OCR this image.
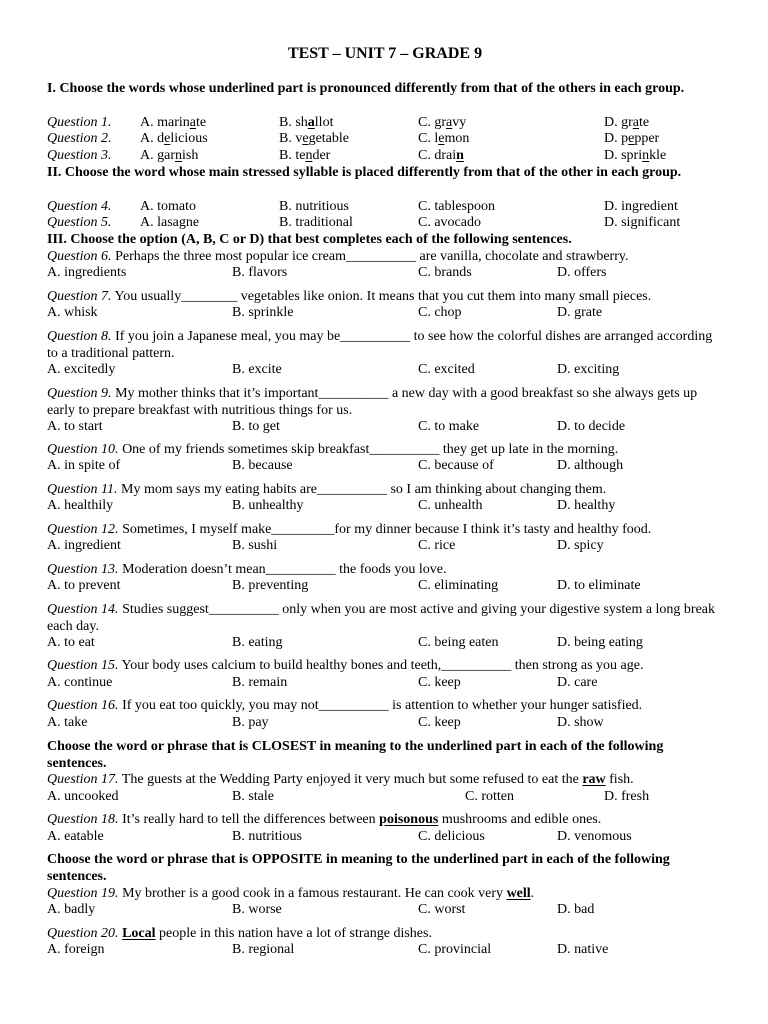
TEST – UNIT 7 – GRADE 9
I. Choose the words whose underlined part is pronounced differently from that of the others in each group.
Question 1. A. marinate	B. shallot	C. gravy	D. grate
Question 2. A. delicious	B. vegetable	C. lemon	D. pepper
Question 3. A. garnish	B. tender	C. drain	D. sprinkle
II. Choose the word whose main stressed syllable is placed differently from that of the other in each group.
Question 4. A. tomato	B. nutritious	C. tablespoon	D. ingredient
Question 5. A. lasagne	B. traditional	C. avocado	D. significant
III. Choose the option (A, B, C or D) that best completes each of the following sentences.
Question 6. Perhaps the three most popular ice cream__________ are vanilla, chocolate and strawberry.
A. ingredients	B. flavors	C. brands	D. offers
Question 7. You usually________ vegetables like onion. It means that you cut them into many small pieces.
A. whisk	B. sprinkle	C. chop	D. grate
Question 8. If you join a Japanese meal, you may be__________ to see how the colorful dishes are arranged according to a traditional pattern.
A. excitedly	B. excite	C. excited	D. exciting
Question 9. My mother thinks that it’s important__________ a new day with a good breakfast so she always gets up early to prepare breakfast with nutritious things for us.
A. to start	B. to get	C. to make	D. to decide
Question 10. One of my friends sometimes skip breakfast__________ they get up late in the morning.
A. in spite of	B. because	C. because of	D. although
Question 11. My mom says my eating habits are__________ so I am thinking about changing them.
A. healthily	B. unhealthy	C. unhealth	D. healthy
Question 12. Sometimes, I myself make_________for my dinner because I think it’s tasty and healthy food.
A. ingredient	B. sushi	C. rice	D. spicy
Question 13. Moderation doesn’t mean__________ the foods you love.
A. to prevent	B. preventing	C. eliminating	D. to eliminate
Question 14. Studies suggest__________ only when you are most active and giving your digestive system a long break each day.
A. to eat	B. eating	C. being eaten	D. being eating
Question 15. Your body uses calcium to build healthy bones and teeth,__________ then strong as you age.
A. continue	B. remain	C. keep	D. care
Question 16. If you eat too quickly, you may not__________ is attention to whether your hunger satisfied.
A. take	B. pay	C. keep	D. show
Choose the word or phrase that is CLOSEST in meaning to the underlined part in each of the following sentences.
Question 17. The guests at the Wedding Party enjoyed it very much but some refused to eat the raw fish.
A. uncooked	B. stale	C. rotten	D. fresh
Question 18. It’s really hard to tell the differences between poisonous mushrooms and edible ones.
A. eatable	B. nutritious	C. delicious	D. venomous
Choose the word or phrase that is OPPOSITE in meaning to the underlined part in each of the following sentences.
Question 19. My brother is a good cook in a famous restaurant. He can cook very well.
A. badly	B. worse	C. worst	D. bad
Question 20. Local people in this nation have a lot of strange dishes.
A. foreign	B. regional	C. provincial	D. native
